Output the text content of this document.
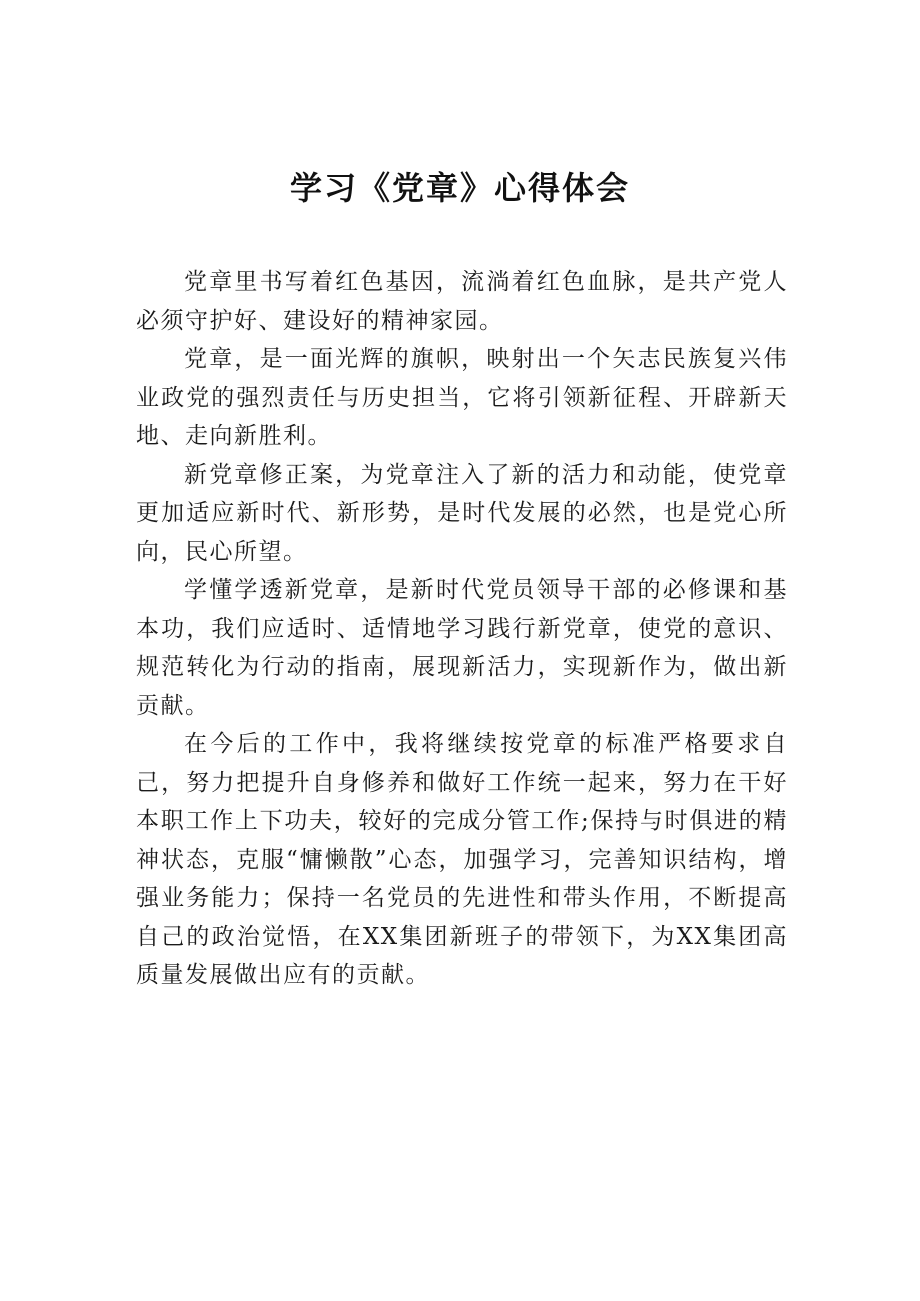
学习《党章》心得体会

党章里书写着红色基因，流淌着红色血脉，是共产党人必须守护好、建设好的精神家园。

党章，是一面光辉的旗帜，映射出一个矢志民族复兴伟业政党的强烈责任与历史担当，它将引领新征程、开辟新天地、走向新胜利。

新党章修正案，为党章注入了新的活力和动能，使党章更加适应新时代、新形势，是时代发展的必然，也是党心所向，民心所望。

学懂学透新党章，是新时代党员领导干部的必修课和基本功，我们应适时、适情地学习践行新党章，使党的意识、规范转化为行动的指南，展现新活力，实现新作为，做出新贡献。

在今后的工作中，我将继续按党章的标准严格要求自己，努力把提升自身修养和做好工作统一起来，努力在干好本职工作上下功夫，较好的完成分管工作;保持与时俱进的精神状态，克服“慵懒散”心态，加强学习，完善知识结构，增强业务能力；保持一名党员的先进性和带头作用，不断提高自己的政治觉悟，在XX集团新班子的带领下，为XX集团高质量发展做出应有的贡献。
